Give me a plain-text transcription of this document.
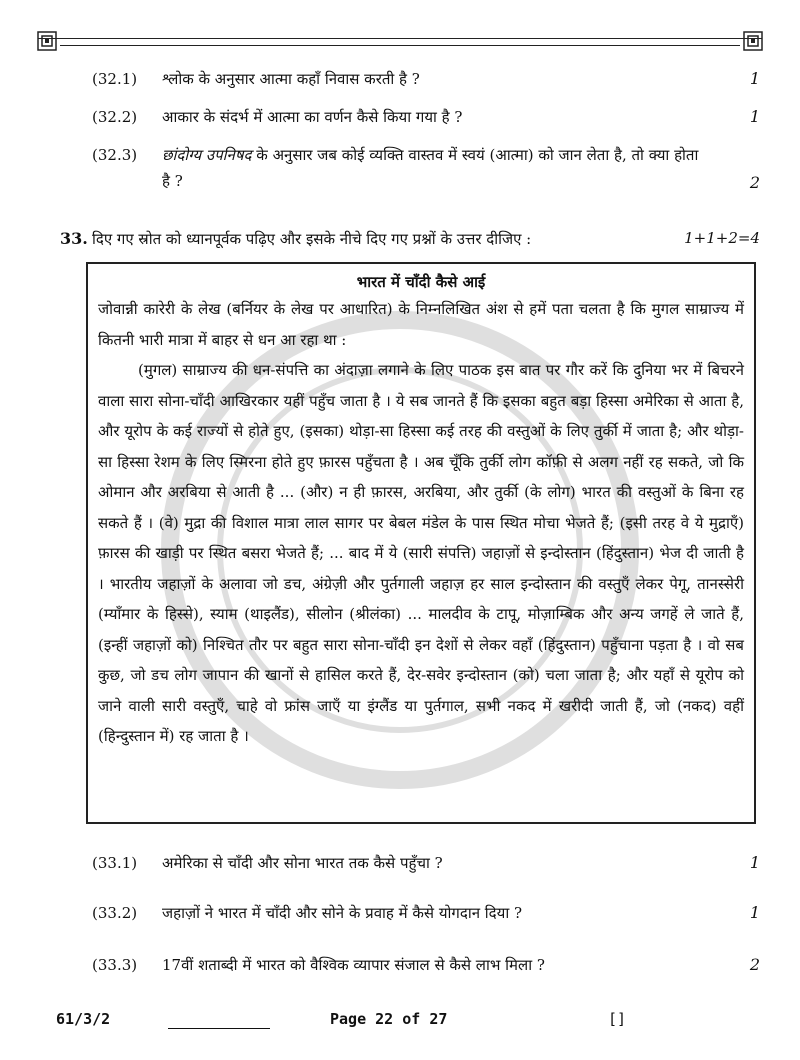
(32.1)	श्लोक के अनुसार आत्मा कहाँ निवास करती है ?	1
(32.2)	आकार के संदर्भ में आत्मा का वर्णन कैसे किया गया है ?	1
(32.3)	छांदोग्य उपनिषद के अनुसार जब कोई व्यक्ति वास्तव में स्वयं (आत्मा) को जान लेता है, तो क्या होता है ?	2
33. दिए गए स्रोत को ध्यानपूर्वक पढ़िए और इसके नीचे दिए गए प्रश्नों के उत्तर दीजिए :	1+1+2=4
भारत में चाँदी कैसे आई

जोवान्नी कारेरी के लेख (बर्नियर के लेख पर आधारित) के निम्नलिखित अंश से हमें पता चलता है कि मुगल साम्राज्य में कितनी भारी मात्रा में बाहर से धन आ रहा था :

(मुगल) साम्राज्य की धन-संपत्ति का अंदाज़ा लगाने के लिए पाठक इस बात पर गौर करें कि दुनिया भर में बिचरने वाला सारा सोना-चाँदी आखिरकार यहीं पहुँच जाता है । ये सब जानते हैं कि इसका बहुत बड़ा हिस्सा अमेरिका से आता है, और यूरोप के कई राज्यों से होते हुए, (इसका) थोड़ा-सा हिस्सा कई तरह की वस्तुओं के लिए तुर्की में जाता है; और थोड़ा-सा हिस्सा रेशम के लिए स्मिरना होते हुए फ़ारस पहुँचता है । अब चूँकि तुर्की लोग कॉफ़ी से अलग नहीं रह सकते, जो कि ओमान और अरबिया से आती है ... (और) न ही फ़ारस, अरबिया, और तुर्की (के लोग) भारत की वस्तुओं के बिना रह सकते हैं । (वे) मुद्रा की विशाल मात्रा लाल सागर पर बेबल मंडेल के पास स्थित मोचा भेजते हैं; (इसी तरह वे ये मुद्राएँ) फ़ारस की खाड़ी पर स्थित बसरा भेजते हैं; ... बाद में ये (सारी संपत्ति) जहाज़ों से इन्दोस्तान (हिंदुस्तान) भेज दी जाती है । भारतीय जहाज़ों के अलावा जो डच, अंग्रेज़ी और पुर्तगाली जहाज़ हर साल इन्दोस्तान की वस्तुएँ लेकर पेगू, तानस्सेरी (म्याँमार के हिस्से), स्याम (थाइलैंड), सीलोन (श्रीलंका) ... मालदीव के टापू, मोज़ाम्बिक और अन्य जगहें ले जाते हैं, (इन्हीं जहाज़ों को) निश्चित तौर पर बहुत सारा सोना-चाँदी इन देशों से लेकर वहाँ (हिंदुस्तान) पहुँचाना पड़ता है । वो सब कुछ, जो डच लोग जापान की खानों से हासिल करते हैं, देर-सवेर इन्दोस्तान (को) चला जाता है; और यहाँ से यूरोप को जाने वाली सारी वस्तुएँ, चाहे वो फ्रांस जाएँ या इंग्लैंड या पुर्तगाल, सभी नकद में खरीदी जाती हैं, जो (नकद) वहीं (हिन्दुस्तान में) रह जाता है ।

(33.1)	अमेरिका से चाँदी और सोना भारत तक कैसे पहुँचा ?	1
(33.2)	जहाज़ों ने भारत में चाँदी और सोने के प्रवाह में कैसे योगदान दिया ?	1
(33.3)	17वीं शताब्दी में भारत को वैश्विक व्यापार संजाल से कैसे लाभ मिला ?	2
61/3/2	Page 22 of 27	[]
